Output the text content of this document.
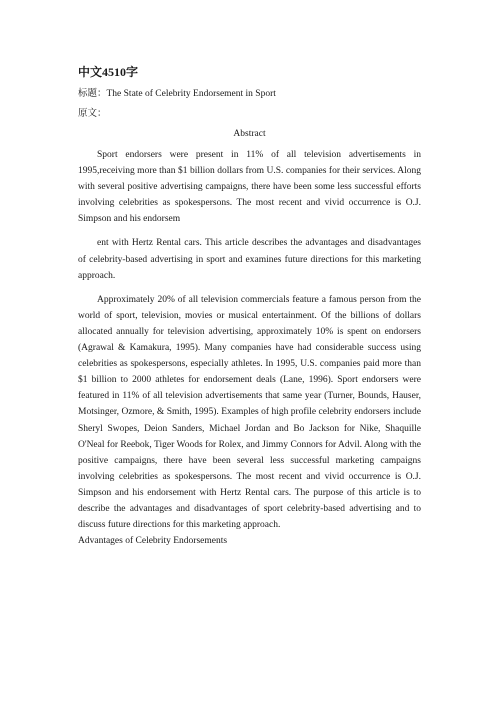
中文4510字
标题：The State of Celebrity Endorsement in Sport
原文：
Abstract

Sport endorsers were present in 11% of all television advertisements in 1995,receiving more than $1 billion dollars from U.S. companies for their services. Along with several positive advertising campaigns, there have been some less successful efforts involving celebrities as spokespersons. The most recent and vivid occurrence is O.J. Simpson and his endorsem

ent with Hertz Rental cars. This article describes the advantages and disadvantages of celebrity-based advertising in sport and examines future directions for this marketing approach.

Approximately 20% of all television commercials feature a famous person from the world of sport, television, movies or musical entertainment. Of the billions of dollars allocated annually for television advertising, approximately 10% is spent on endorsers (Agrawal & Kamakura, 1995). Many companies have had considerable success using celebrities as spokespersons, especially athletes. In 1995, U.S. companies paid more than $1 billion to 2000 athletes for endorsement deals (Lane, 1996). Sport endorsers were featured in 11% of all television advertisements that same year (Turner, Bounds, Hauser, Motsinger, Ozmore, & Smith, 1995). Examples of high profile celebrity endorsers include Sheryl Swopes, Deion Sanders, Michael Jordan and Bo Jackson for Nike, Shaquille O'Neal for Reebok, Tiger Woods for Rolex, and Jimmy Connors for Advil. Along with the positive campaigns, there have been several less successful marketing campaigns involving celebrities as spokespersons. The most recent and vivid occurrence is O.J. Simpson and his endorsement with Hertz Rental cars. The purpose of this article is to describe the advantages and disadvantages of sport celebrity-based advertising and to discuss future directions for this marketing approach.

Advantages of Celebrity Endorsements
